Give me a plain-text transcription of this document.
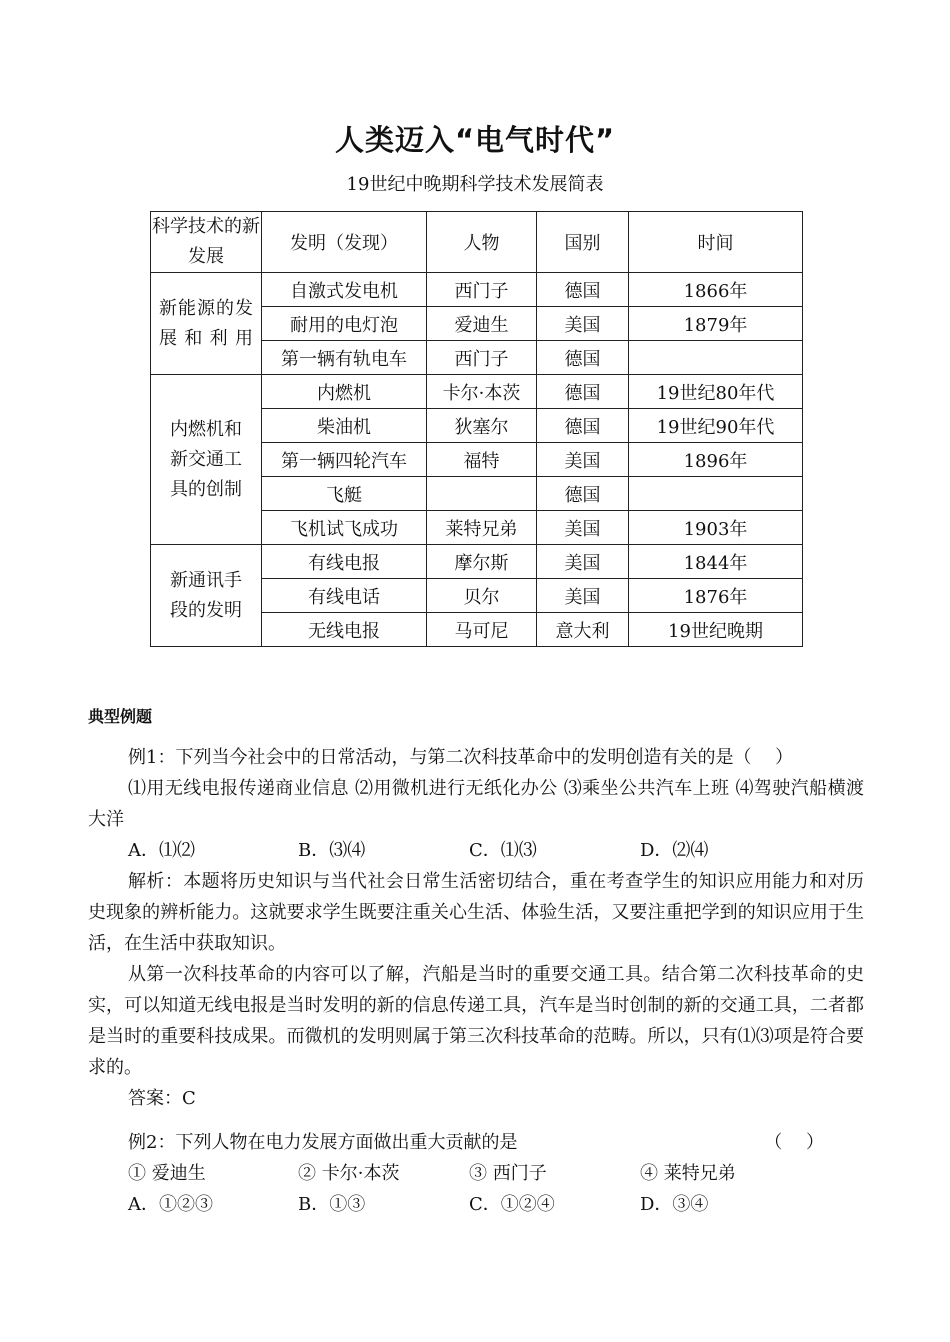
人类迈入“电气时代”
19世纪中晚期科学技术发展简表
科学技术的新发展	发明（发现）	人物	国别	时间
新能源的发展和利用	自激式发电机	西门子	德国	1866年
	耐用的电灯泡	爱迪生	美国	1879年
	第一辆有轨电车	西门子	德国	
内燃机和新交通工具的创制	内燃机	卡尔·本茨	德国	19世纪80年代
	柴油机	狄塞尔	德国	19世纪90年代
	第一辆四轮汽车	福特	美国	1896年
	飞艇		德国	
	飞机试飞成功	莱特兄弟	美国	1903年
新通讯手段的发明	有线电报	摩尔斯	美国	1844年
	有线电话	贝尔	美国	1876年
	无线电报	马可尼	意大利	19世纪晚期
典型例题

例1：下列当今社会中的日常活动，与第二次科技革命中的发明创造有关的是（　 ）

⑴用无线电报传递商业信息 ⑵用微机进行无纸化办公 ⑶乘坐公共汽车上班 ⑷驾驶汽船横渡大洋

A．⑴⑵	B．⑶⑷	C．⑴⑶	D．⑵⑷

解析：本题将历史知识与当代社会日常生活密切结合，重在考查学生的知识应用能力和对历史现象的辨析能力。这就要求学生既要注重关心生活、体验生活，又要注重把学到的知识应用于生活，在生活中获取知识。

从第一次科技革命的内容可以了解，汽船是当时的重要交通工具。结合第二次科技革命的史实，可以知道无线电报是当时发明的新的信息传递工具，汽车是当时创制的新的交通工具，二者都是当时的重要科技成果。而微机的发明则属于第三次科技革命的范畴。所以，只有⑴⑶项是符合要求的。

答案：C

例2：下列人物在电力发展方面做出重大贡献的是	（　 ）
① 爱迪生	② 卡尔·本茨	③ 西门子	④ 莱特兄弟
A．①②③	B．①③	C．①②④	D．③④
